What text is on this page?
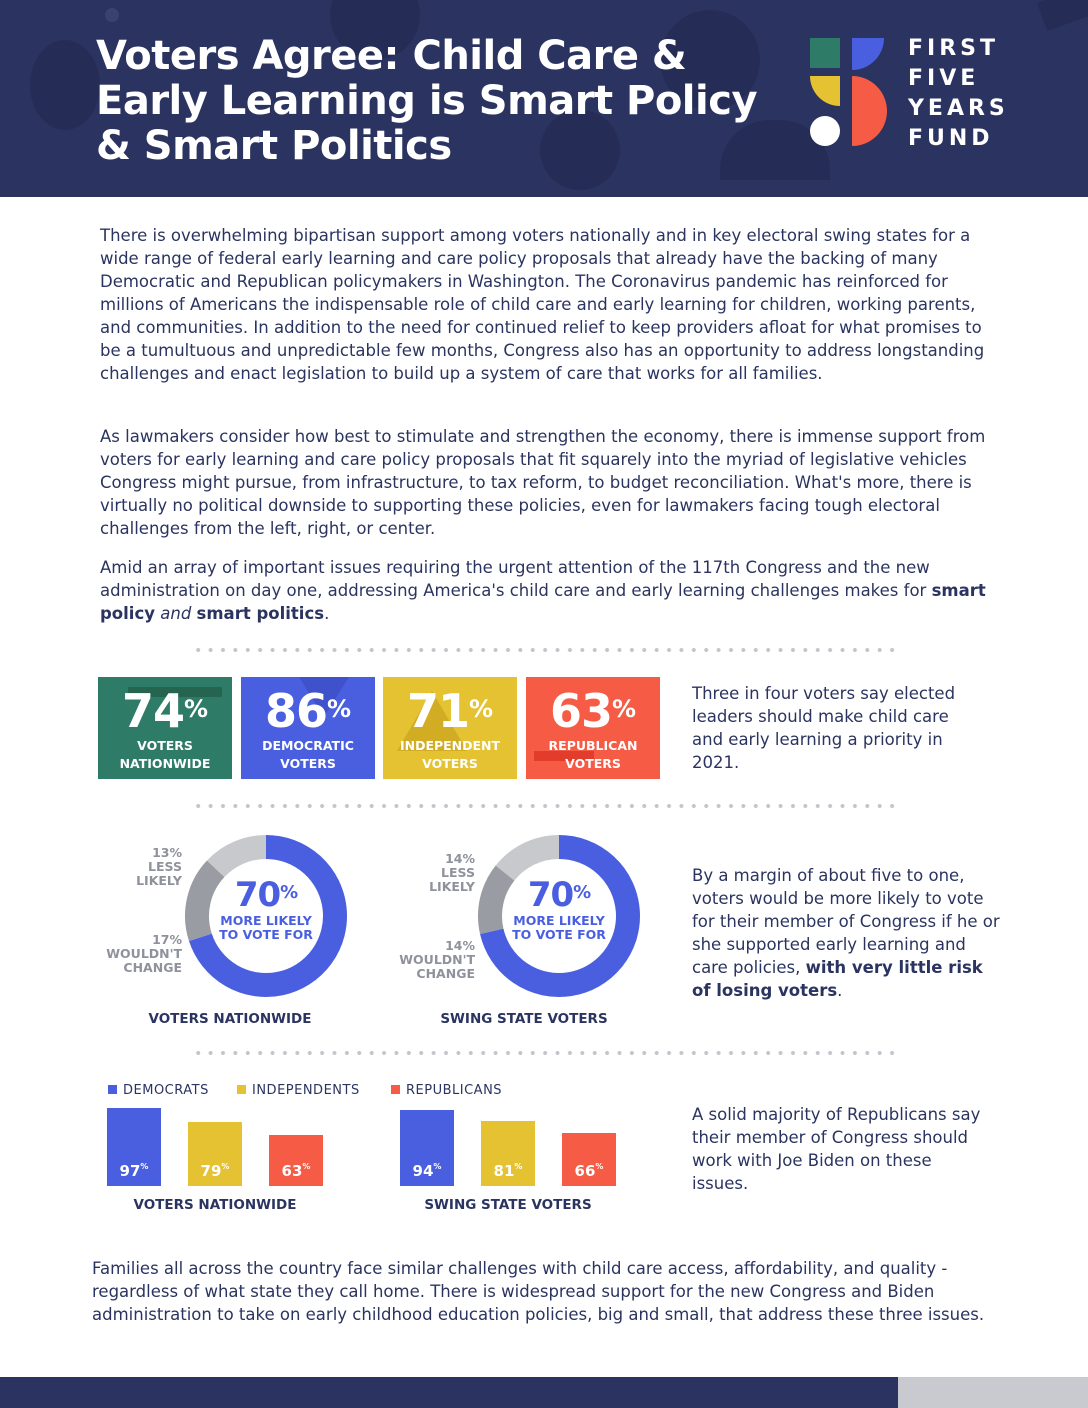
Voters Agree: Child Care & Early Learning is Smart Policy & Smart Politics
FIRST
FIVE
YEARS
FUND

There is overwhelming bipartisan support among voters nationally and in key electoral swing states for a wide range of federal early learning and care policy proposals that already have the backing of many Democratic and Republican policymakers in Washington. The Coronavirus pandemic has reinforced for millions of Americans the indispensable role of child care and early learning for children, working parents, and communities. In addition to the need for continued relief to keep providers afloat for what promises to be a tumultuous and unpredictable few months, Congress also has an opportunity to address longstanding challenges and enact legislation to build up a system of care that works for all families.

As lawmakers consider how best to stimulate and strengthen the economy, there is immense support from voters for early learning and care policy proposals that fit squarely into the myriad of legislative vehicles Congress might pursue, from infrastructure, to tax reform, to budget reconciliation. What's more, there is virtually no political downside to supporting these policies, even for lawmakers facing tough electoral challenges from the left, right, or center.

Amid an array of important issues requiring the urgent attention of the 117th Congress and the new administration on day one, addressing America's child care and early learning challenges makes for smart policy and smart politics.

74%
VOTERS
NATIONWIDE
86%
DEMOCRATIC
VOTERS
71%
INDEPENDENT
VOTERS
63%
REPUBLICAN
VOTERS

Three in four voters say elected leaders should make child care and early learning a priority in 2021.

70%
MORE LIKELY
TO VOTE FOR
13%
LESS
LIKELY
17%
WOULDN'T
CHANGE
VOTERS NATIONWIDE
70%
MORE LIKELY
TO VOTE FOR
14%
LESS
LIKELY
14%
WOULDN'T
CHANGE
SWING STATE VOTERS

By a margin of about five to one, voters would be more likely to vote for their member of Congress if he or she supported early learning and care policies, with very little risk of losing voters.

DEMOCRATS	INDEPENDENTS	REPUBLICANS
97%	79%	63%	94%	81%	66%
VOTERS NATIONWIDE	SWING STATE VOTERS

A solid majority of Republicans say their member of Congress should work with Joe Biden on these issues.

Families all across the country face similar challenges with child care access, affordability, and quality - regardless of what state they call home. There is widespread support for the new Congress and Biden administration to take on early childhood education policies, big and small, that address these three issues.
